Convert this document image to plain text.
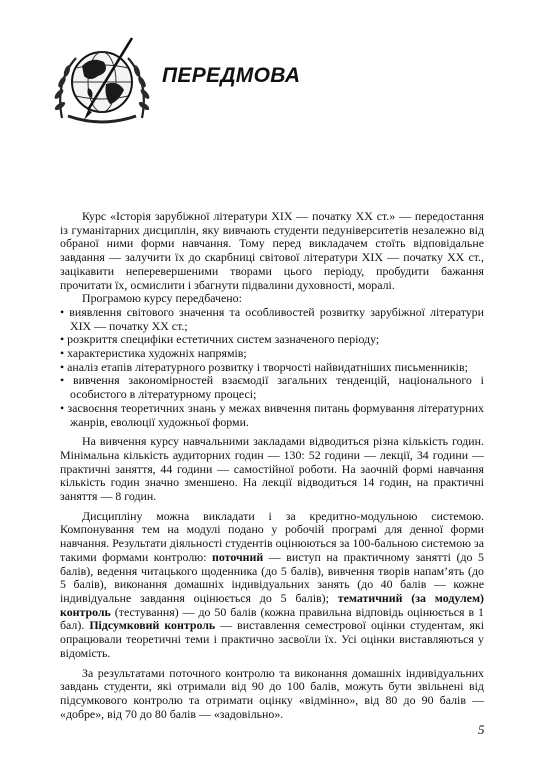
ПЕРЕДМОВА

Курс «Історія зарубіжної літератури XIX — початку XX ст.» — передостання із гуманітарних дисциплін, яку вивчають студенти педуніверситетів незалежно від обраної ними форми навчання. Тому перед викладачем стоїть відповідальне завдання — залучити їх до скарбниці світової літератури XIX — початку XX ст., зацікавити неперевершеними творами цього періоду, пробудити бажання прочитати їх, осмислити і збагнути підвалини духовності, моралі.

Програмою курсу передбачено:

• виявлення світового значення та особливостей розвитку зарубіжної літератури XIX — початку XX ст.;
• розкриття специфіки естетичних систем зазначеного періоду;
• характеристика художніх напрямів;
• аналіз етапів літературного розвитку і творчості найвидатніших письменників;
• вивчення закономірностей взаємодії загальних тенденцій, національного і особистого в літературному процесі;
• засвоєння теоретичних знань у межах вивчення питань формування літературних жанрів, еволюції художньої форми.

На вивчення курсу навчальними закладами відводиться різна кількість годин. Мінімальна кількість аудиторних годин — 130: 52 години — лекції, 34 години — практичні заняття, 44 години — самостійної роботи. На заочній формі навчання кількість годин значно зменшено. На лекції відводиться 14 годин, на практичні заняття — 8 годин.

Дисципліну можна викладати і за кредитно-модульною системою. Компонування тем на модулі подано у робочій програмі для денної форми навчання. Результати діяльності студентів оцінюються за 100-бальною системою за такими формами контролю: поточний — виступ на практичному занятті (до 5 балів), ведення читацького щоденника (до 5 балів), вивчення творів напам’ять (до 5 балів), виконання домашніх індивідуальних занять (до 40 балів — кожне індивідуальне завдання оцінюється до 5 балів); тематичний (за модулем) контроль (тестування) — до 50 балів (кожна правильна відповідь оцінюється в 1 бал). Підсумковий контроль — виставлення семестрової оцінки студентам, які опрацювали теоретичні теми і практично засвоїли їх. Усі оцінки виставляються у відомість.

За результатами поточного контролю та виконання домашніх індивідуальних завдань студенти, які отримали від 90 до 100 балів, можуть бути звільнені від підсумкового контролю та отримати оцінку «відмінно», від 80 до 90 балів — «добре», від 70 до 80 балів — «задовільно».

5
